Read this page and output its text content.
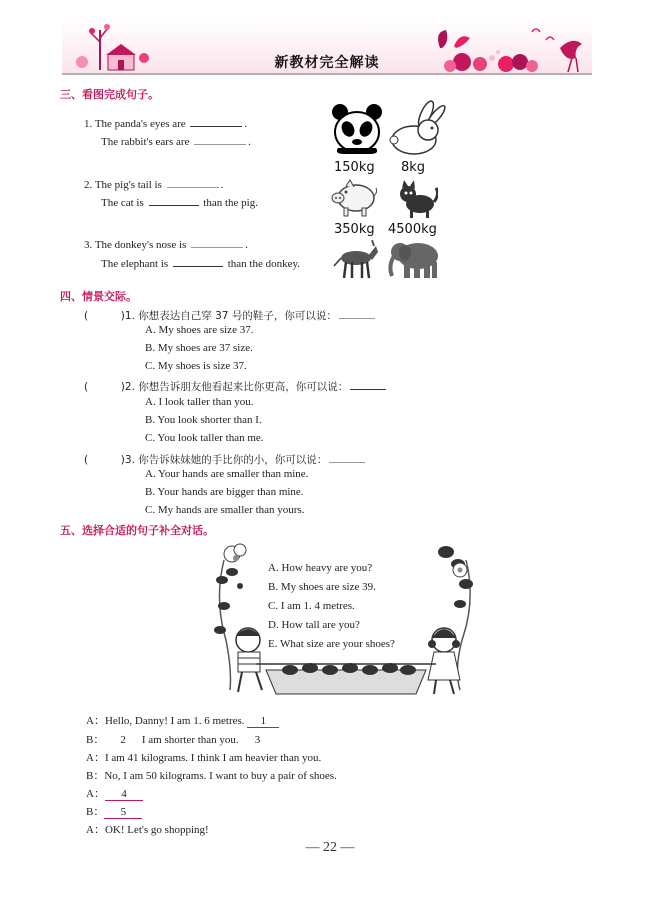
新教材完全解读
三、看图完成句子。
1. The panda's eyes are	.
The rabbit's ears are	.
2. The pig's tail is	.
The cat is	than the pig.
3. The donkey's nose is	.
The elephant is	than the donkey.
150kg 8kg
350kg 4500kg
四、情景交际。
(	)1. 你想表达自己穿 37 号的鞋子，你可以说：
A. My shoes are size 37.
B. My shoes are 37 size.
C. My shoes is size 37.
(	)2. 你想告诉朋友他看起来比你更高，你可以说：
A. I look taller than you.
B. You look shorter than I.
C. You look taller than me.
(	)3. 你告诉妹妹她的手比你的小，你可以说：
A. Your hands are smaller than mine.
B. Your hands are bigger than mine.
C. My hands are smaller than yours.
五、选择合适的句子补全对话。
A. How heavy are you?
B. My shoes are size 39.
C. I am 1. 4 metres.
D. How tall are you?
E. What size are your shoes?
A：Hello, Danny! I am 1. 6 metres. 1
B： 2 I am shorter than you. 3
A：I am 41 kilograms. I think I am heavier than you.
B：No, I am 50 kilograms. I want to buy a pair of shoes.
A： 4
B： 5
A：OK! Let's go shopping!
— 22 —
